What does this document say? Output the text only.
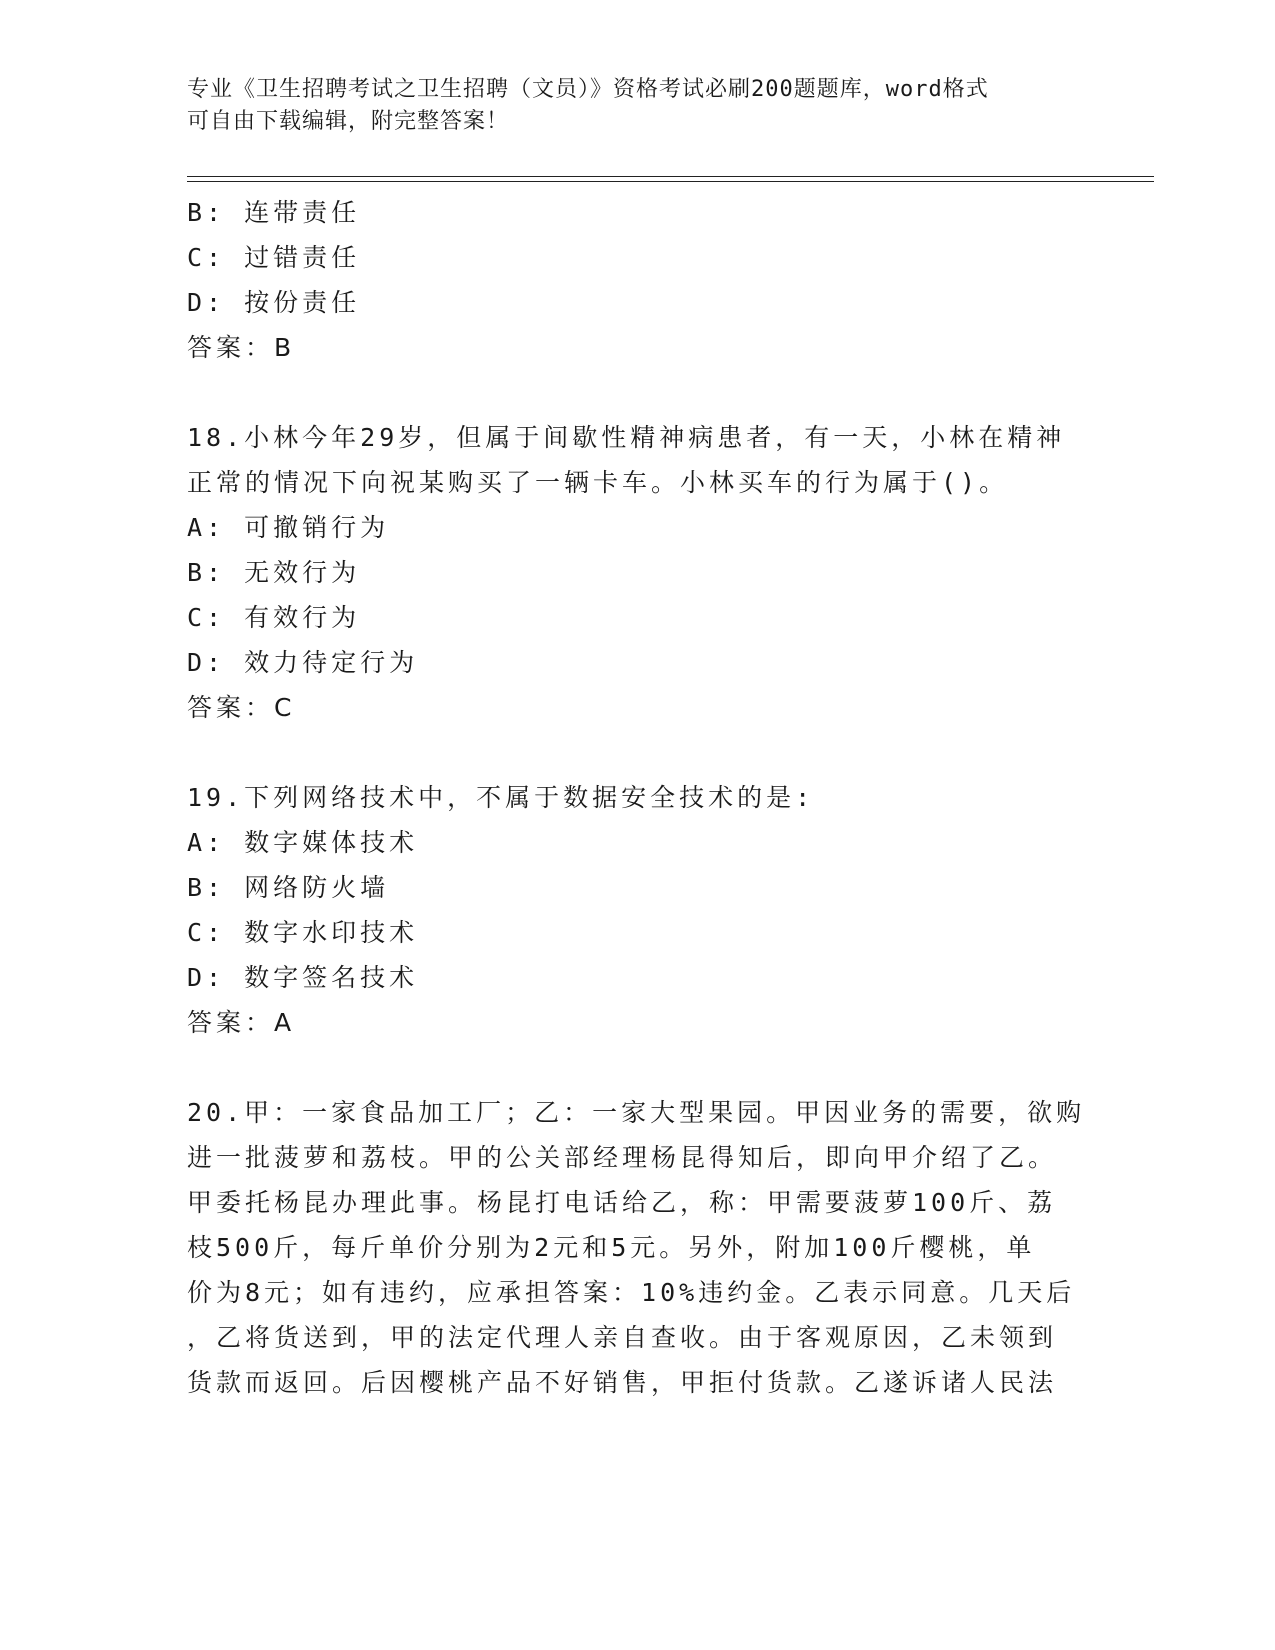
专业《卫生招聘考试之卫生招聘（文员）》资格考试必刷200题题库，word格式
可自由下载编辑，附完整答案！
B: 连带责任
C: 过错责任
D: 按份责任
答案：B
18.小林今年29岁，但属于间歇性精神病患者，有一天，小林在精神
正常的情况下向祝某购买了一辆卡车。小林买车的行为属于()。
A: 可撤销行为
B: 无效行为
C: 有效行为
D: 效力待定行为
答案：C
19.下列网络技术中，不属于数据安全技术的是:
A: 数字媒体技术
B: 网络防火墙
C: 数字水印技术
D: 数字签名技术
答案：A
20.甲：一家食品加工厂；乙：一家大型果园。甲因业务的需要，欲购
进一批菠萝和荔枝。甲的公关部经理杨昆得知后，即向甲介绍了乙。
甲委托杨昆办理此事。杨昆打电话给乙，称：甲需要菠萝100斤、荔
枝500斤，每斤单价分别为2元和5元。另外，附加100斤樱桃，单
价为8元；如有违约，应承担答案：10%违约金。乙表示同意。几天后
，乙将货送到，甲的法定代理人亲自查收。由于客观原因，乙未领到
货款而返回。后因樱桃产品不好销售，甲拒付货款。乙遂诉诸人民法
